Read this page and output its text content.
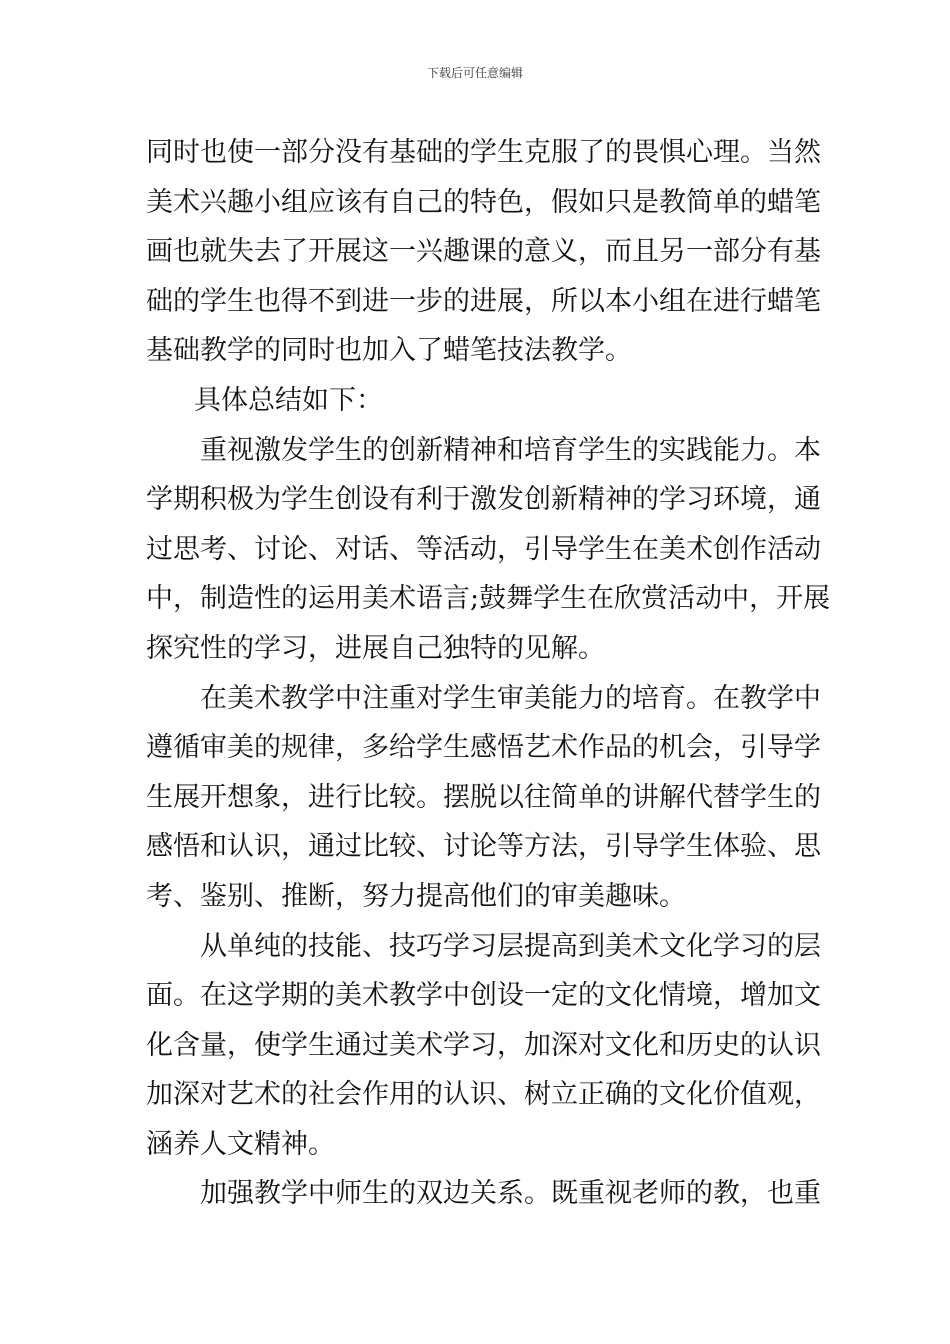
下载后可任意编辑
同时也使一部分没有基础的学生克服了的畏惧心理。当然
美术兴趣小组应该有自己的特色，假如只是教简单的蜡笔
画也就失去了开展这一兴趣课的意义，而且另一部分有基
础的学生也得不到进一步的进展，所以本小组在进行蜡笔
基础教学的同时也加入了蜡笔技法教学。
具体总结如下：
重视激发学生的创新精神和培育学生的实践能力。本
学期积极为学生创设有利于激发创新精神的学习环境，通
过思考、讨论、对话、等活动，引导学生在美术创作活动
中，制造性的运用美术语言;鼓舞学生在欣赏活动中，开展
探究性的学习，进展自己独特的见解。
在美术教学中注重对学生审美能力的培育。在教学中
遵循审美的规律，多给学生感悟艺术作品的机会，引导学
生展开想象，进行比较。摆脱以往简单的讲解代替学生的
感悟和认识，通过比较、讨论等方法，引导学生体验、思
考、鉴别、推断，努力提高他们的审美趣味。
从单纯的技能、技巧学习层提高到美术文化学习的层
面。在这学期的美术教学中创设一定的文化情境，增加文
化含量，使学生通过美术学习，加深对文化和历史的认识
加深对艺术的社会作用的认识、树立正确的文化价值观，
涵养人文精神。
加强教学中师生的双边关系。既重视老师的教，也重
